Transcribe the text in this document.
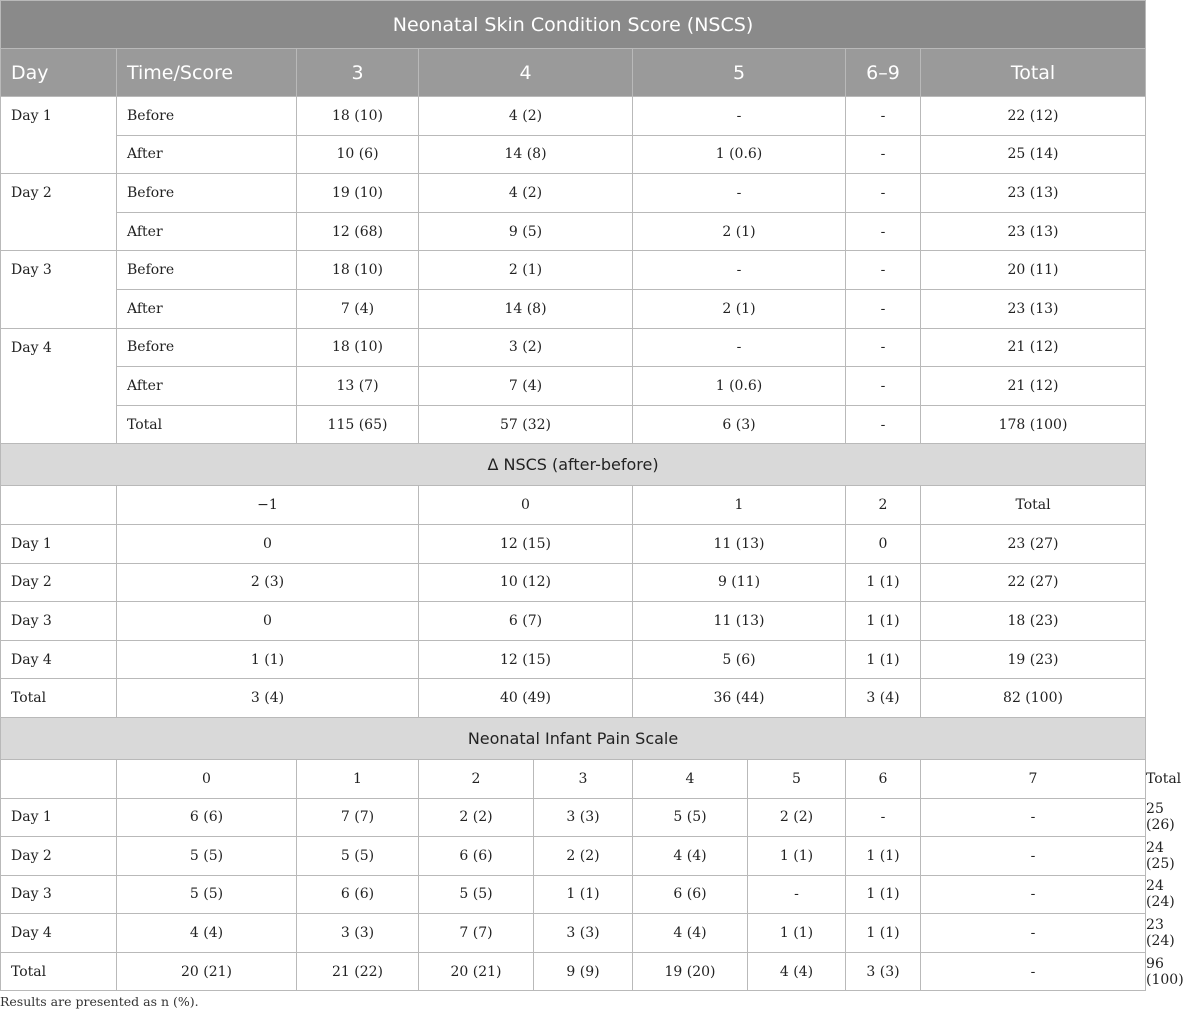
Neonatal Skin Condition Score (NSCS)									
Day	Time/Score	3	4		5		6–9	Total	
Day 1	Before	18 (10)	4 (2)		-		-	22 (12)	
	After	10 (6)	14 (8)		1 (0.6)		-	25 (14)	
Day 2	Before	19 (10)	4 (2)		-		-	23 (13)	
	After	12 (68)	9 (5)		2 (1)		-	23 (13)	
Day 3	Before	18 (10)	2 (1)		-		-	20 (11)	
	After	7 (4)	14 (8)		2 (1)		-	23 (13)	
Day 4	Before	18 (10)	3 (2)		-		-	21 (12)	
	After	13 (7)	7 (4)		1 (0.6)		-	21 (12)	
	Total	115 (65)	57 (32)		6 (3)		-	178 (100)	
Δ NSCS (after-before)									
	−1		0		1		2	Total	
Day 1	0		12 (15)		11 (13)		0	23 (27)	
Day 2	2 (3)		10 (12)		9 (11)		1 (1)	22 (27)	
Day 3	0		6 (7)		11 (13)		1 (1)	18 (23)	
Day 4	1 (1)		12 (15)		5 (6)		1 (1)	19 (23)	
Total	3 (4)		40 (49)		36 (44)		3 (4)	82 (100)	
Neonatal Infant Pain Scale									
	0	1	2	3	4	5	6	7	Total
Day 1	6 (6)	7 (7)	2 (2)	3 (3)	5 (5)	2 (2)	-	-	25 (26)
Day 2	5 (5)	5 (5)	6 (6)	2 (2)	4 (4)	1 (1)	1 (1)	-	24 (25)
Day 3	5 (5)	6 (6)	5 (5)	1 (1)	6 (6)	-	1 (1)	-	24 (24)
Day 4	4 (4)	3 (3)	7 (7)	3 (3)	4 (4)	1 (1)	1 (1)	-	23 (24)
Total	20 (21)	21 (22)	20 (21)	9 (9)	19 (20)	4 (4)	3 (3)	-	96 (100)
Results are presented as n (%).
